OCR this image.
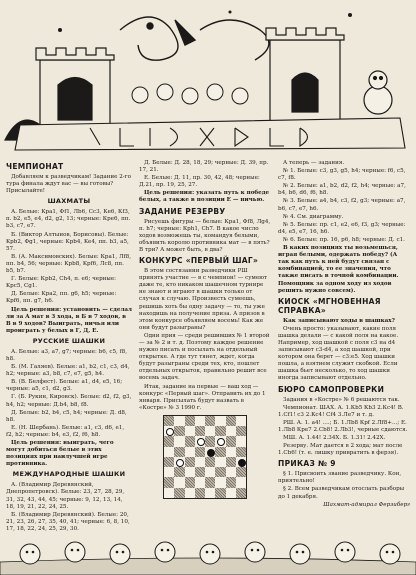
ЧЕМПИОНАТ

Добавляем к разведчикам! Задание 2-го тура финала ждут вас — вы готовы? Присылайте!

ШАХМАТЫ

А. Белые: Кра1, Фf1, Лb6, Сс3, Ке6, Кf3, п. b2, е5, e4, d2, g2, 13; черные: Кре6, пп. b3, c7, e7.

Б. (Виктор Алтынов, Борисовы). Белые: Kpb2, Фg1, черные: Kpb4, Ke4, пп. b3, a5, 57.

В. (А. Максимовских). Белые: Кра1, Лf8, пп. b4, 56; черные: Крb8, Kpf6, Лс8, пп. b5, b7.

Г. Белые: Кpb2, Сh4, п. e6; черные: Kpc5, Cg1.

Д. Белые: Kpa2, пп. g6, h5; черные: Kpf6, пп. g7, h6.

Цель решения: установить — сделал ли за А мат в 3 хода, в Б в 7 ходов, в В в 9 ходов? Выиграть, ничья или проиграть у белых в Г, Д, Е.

РУССКИЕ ШАШКИ

А. Белые: а3, а7, g7; черные: b6, с5, f8, h8.

Б. (М. Галяев). Белые: а1, b2, с1, с3, d4, h2; черные: а3, b8, с7, е7, g5, h4.

В. (В. Белфест). Белые: а1, d4, e5, 16; черные: а5, c1, d2, g3.

Г. (Б. Рукин, Кировск). Белые: d2, f2, g3, h4, h2; черные: Д.b4, b8, f8.

Д. Белые: b2, b4, c5, h4; черные: Д. d8, h8.

Е. (Н. Шербань). Белые: а1, с3, d6, e1, f2, h2; черные: b4, е3, f2, f6, h8.

Цель решения: выиграть, чего могут добиться белые в этих позициях при наилучшей игре противника.

МЕЖДУНАРОДНЫЕ ШАШКИ

А. (Владимир Деревянский, Днепропетровск). Белые: 23, 27, 28, 29, 31, 32, 43, 44, 45; черные: 9, 12, 13, 14, 18, 19, 21, 22, 24, 25.

Б. (Владимир Деревянский). Белые: 20, 21, 23, 26, 27, 35, 40, 41; черные: 6, 8, 10, 17, 18, 22, 24, 25, 29, 30.

Д. Белые: Д. 28, 18, 29; черные: Д. 39, пр. 17, 21.

Е. Белые: Д. 11, пр. 30, 42, 48; черные: Д.21, пр. 19, 25, 27.

Цель решения: указать путь к победе белых, а также в позиции Е — ничью.

ЗАДАНИЕ РЕЗЕРВУ

Рисуешь фигуры — белые: Кра1, Фf8, Лg4, п. h7; черные: Крh1, Сh7. В какое число ходов возможешь ты, командуя белыми, объявить королю противника мат — в пять? В три? А может быть, в два?

КОНКУРС «ПЕРВЫЙ ШАГ»

В этом состязании разведчики РШ принять участие — в с чемпион! — сумеют даже те, кто никаком шашечном турнире не знают и играют в шашки только от случая к случаю. Произвесть сумеешь, решишь хоть бы одну задачу — то, ты уже находишь на получение приза. А призов в этом конкурсе объявляем восемь! Как же они будут разыграны?

Одни прия — среди решивших № 1 второй — за № 2 и т. д. Поэтому каждое решение нужно писать и посылать на отдельный открытке. А где тут тянет, ждет, когда будут разыграны среди тех, кто, пошлет отдельных открыток, правильно решит все восемь задач.

Итак, задание на первые — ваш ход — конкурс «Первый шаг». Отправить их до 1 января. Присылать будут назвать в «Костре» № 3 1990 г.

А теперь — задания.

№ 1. Белые: с3, g3, g5, h4; черные: f6, с5, с7, f8.

№ 2. Белые: а1, b2, d2, f2, h4; черные: а7, b4, b6, d6, f6, h8.

№ 3. Белые: а4, b4, c3, f2, g3; черные: а7, b6, c7, e7, h6.

№ 4. См. диаграмму.

№ 5. Белые: пр. с1, e2, e6, f3, g3; черные: d4, e5, e7, 16, h6.

№ 6. Белые: пр. 16, р6, h8; черные: Д. с1.

В каких позициях ты возьмешься, играя белыми, одержать победу? (А так как путь к ней будут связан с комбинацией, то ее значения, что также писать в точной комбинации. Помощник за одном ходу из ходов решить нужно совсем).

КИОСК «МГНОВЕННАЯ СПРАВКА»

Как записывают ходы в шашках?

Очень просто: указывают, какие поля шашка делали — с какой поля на какое. Например, ход шашкой с поля с3 на d4 записывают с3-d4, а ход шашкой, при котором она берет — с3:е5. Ход шашки пошла, а взятием служит скобкой. Если шашка бьет несколько, то ход шашки иногда записывают отдельно.

БЮРО САМОПРОВЕРКИ

Задания в «Костре» № 6 решаются так.

Чемпионат. ШАХ. А. 1.Кb5 Кb3 2.Кс4! В. 1.Сf1! с3 2.Кс4! Сf4 3.Ле7 и т. д.

РШ. А. 1. а4! ....; Б. 1.Лb8 Крf 2.Лf8+...; Е. 1.Лb8 Кре7 2.Сb8! 2.Лb3!, черные сдаются.

МШ. А. 1.44! 2.34Х. Б. 1.31! 2.42Х.

Резерву. Мат дается в 2 хода; мат после 1.Сb6! (т. е. лишку привратить в ферзя).

ПРИКАЗ № 9

§ 1. Присвоить звание разведчику. Кон, приятельно!

§ 2. Всем разведчикам отослать разборы до 1 декабря.

Шахмат-адмирал Ферзиберг
